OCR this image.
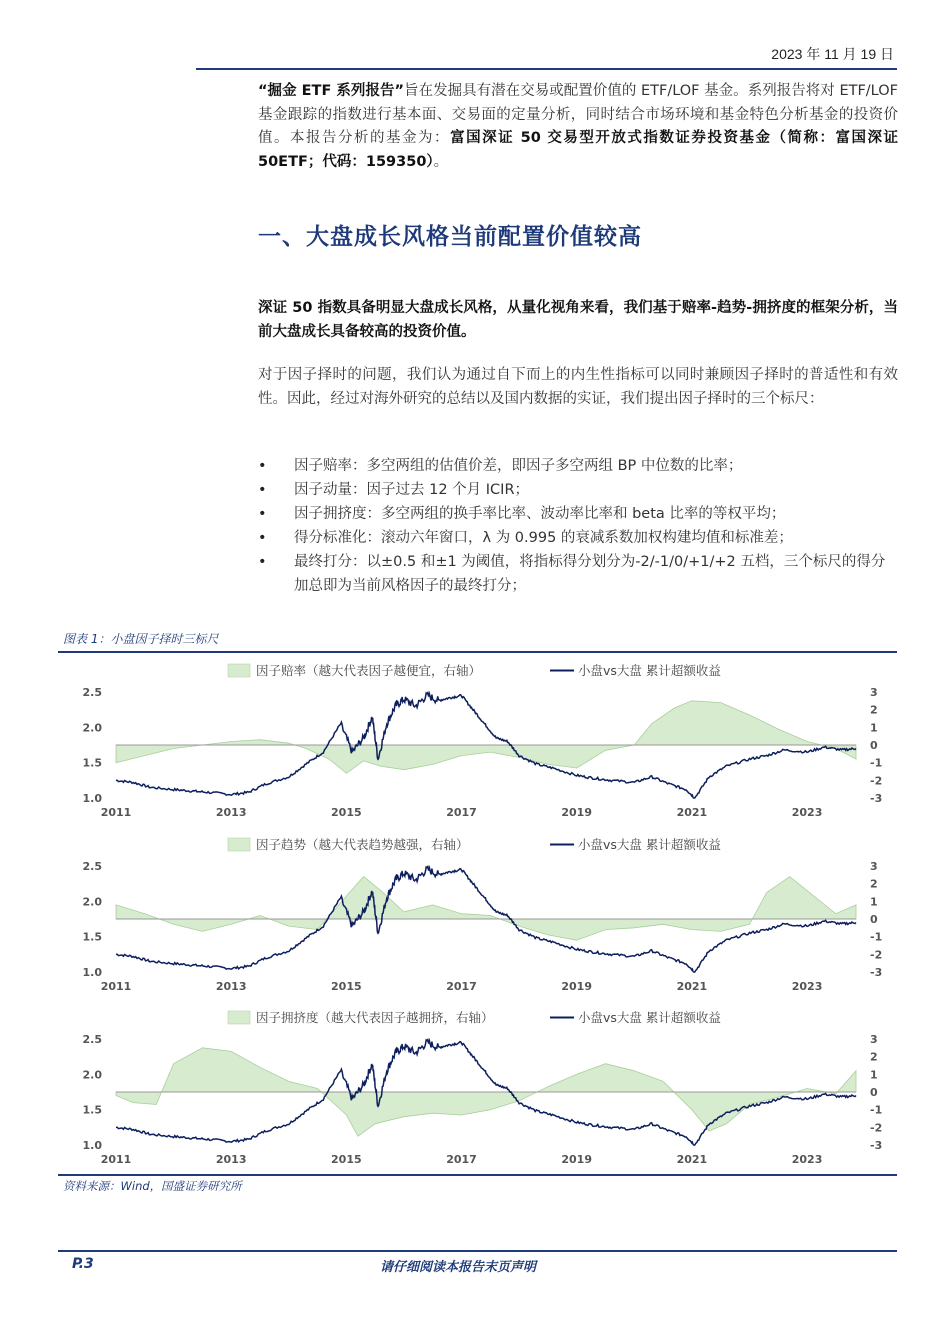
2023 年 11 月 19 日
“掘金 ETF 系列报告”旨在发掘具有潜在交易或配置价值的 ETF/LOF 基金。系列报告将对 ETF/LOF 基金跟踪的指数进行基本面、交易面的定量分析，同时结合市场环境和基金特色分析基金的投资价值。本报告分析的基金为：富国深证 50 交易型开放式指数证券投资基金（简称：富国深证 50ETF；代码：159350）。
一、大盘成长风格当前配置价值较高
深证 50 指数具备明显大盘成长风格，从量化视角来看，我们基于赔率-趋势-拥挤度的框架分析，当前大盘成长具备较高的投资价值。
对于因子择时的问题，我们认为通过自下而上的内生性指标可以同时兼顾因子择时的普适性和有效性。因此，经过对海外研究的总结以及国内数据的实证，我们提出因子择时的三个标尺：
• 因子赔率：多空两组的估值价差，即因子多空两组 BP 中位数的比率；
• 因子动量：因子过去 12 个月 ICIR；
• 因子拥挤度：多空两组的换手率比率、波动率比率和 beta 比率的等权平均；
• 得分标准化：滚动六年窗口，λ 为 0.995 的衰减系数加权构建均值和标准差；
• 最终打分：以±0.5 和±1 为阈值，将指标得分划分为-2/-1/0/+1/+2 五档，三个标尺的得分加总即为当前风格因子的最终打分；
图表 1：小盘因子择时三标尺
因子赔率（越大代表因子越便宜，右轴）	小盘vs大盘 累计超额收益
1.0
1.5
2.0
2.5
-3
-2
-1
0
1
2
3
2011	2013	2015	2017	2019	2021	2023
因子趋势（越大代表趋势越强，右轴）	小盘vs大盘 累计超额收益
1.0
1.5
2.0
2.5
-3
-2
-1
0
1
2
3
2011	2013	2015	2017	2019	2021	2023
因子拥挤度（越大代表因子越拥挤，右轴）	小盘vs大盘 累计超额收益
1.0
1.5
2.0
2.5
-3
-2
-1
0
1
2
3
2011	2013	2015	2017	2019	2021	2023
资料来源：Wind，国盛证券研究所
P.3	请仔细阅读本报告末页声明
